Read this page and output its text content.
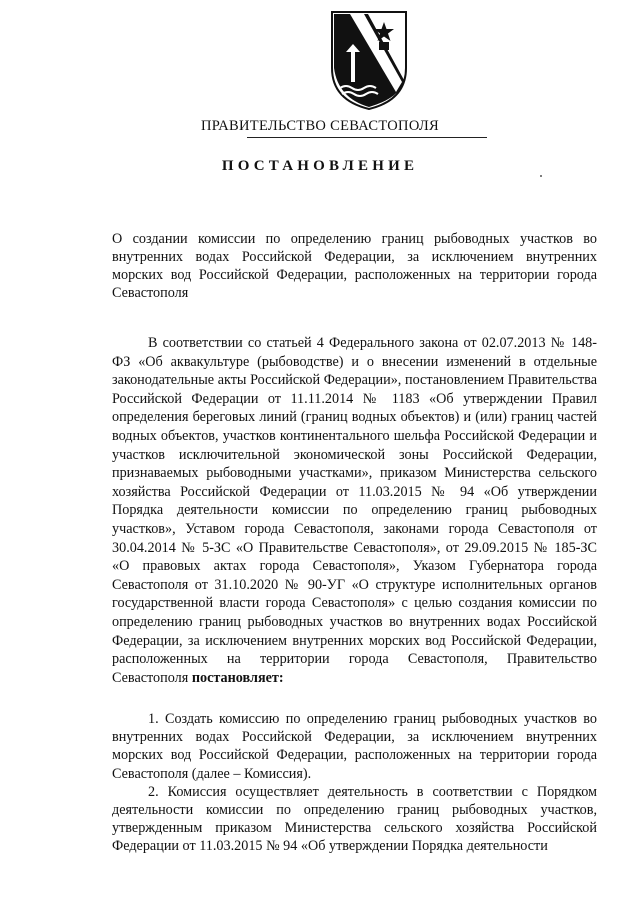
ПРАВИТЕЛЬСТВО СЕВАСТОПОЛЯ
ПОСТАНОВЛЕНИЕ
О создании комиссии по определению границ рыбоводных участков во внутренних водах Российской Федерации, за исключением внутренних морских вод Российской Федерации, расположенных на территории города Севастополя
В соответствии со статьей 4 Федерального закона от 02.07.2013 № 148-ФЗ «Об аквакультуре (рыбоводстве) и о внесении изменений в отдельные законодательные акты Российской Федерации», постановлением Правительства Российской Федерации от 11.11.2014 № 1183 «Об утверждении Правил определения береговых линий (границ водных объектов) и (или) границ частей водных объектов, участков континентального шельфа Российской Федерации и участков исключительной экономической зоны Российской Федерации, признаваемых рыбоводными участками», приказом Министерства сельского хозяйства Российской Федерации от 11.03.2015 № 94 «Об утверждении Порядка деятельности комиссии по определению границ рыбоводных участков», Уставом города Севастополя, законами города Севастополя от 30.04.2014 № 5-ЗС «О Правительстве Севастополя», от 29.09.2015 № 185-ЗС «О правовых актах города Севастополя», Указом Губернатора города Севастополя от 31.10.2020 № 90-УГ «О структуре исполнительных органов государственной власти города Севастополя» с целью создания комиссии по определению границ рыбоводных участков во внутренних водах Российской Федерации, за исключением внутренних морских вод Российской Федерации, расположенных на территории города Севастополя, Правительство Севастополя постановляет:

1. Создать комиссию по определению границ рыбоводных участков во внутренних водах Российской Федерации, за исключением внутренних морских вод Российской Федерации, расположенных на территории города Севастополя (далее – Комиссия).

2. Комиссия осуществляет деятельность в соответствии с Порядком деятельности комиссии по определению границ рыбоводных участков, утвержденным приказом Министерства сельского хозяйства Российской Федерации от 11.03.2015 № 94 «Об утверждении Порядка деятельности
